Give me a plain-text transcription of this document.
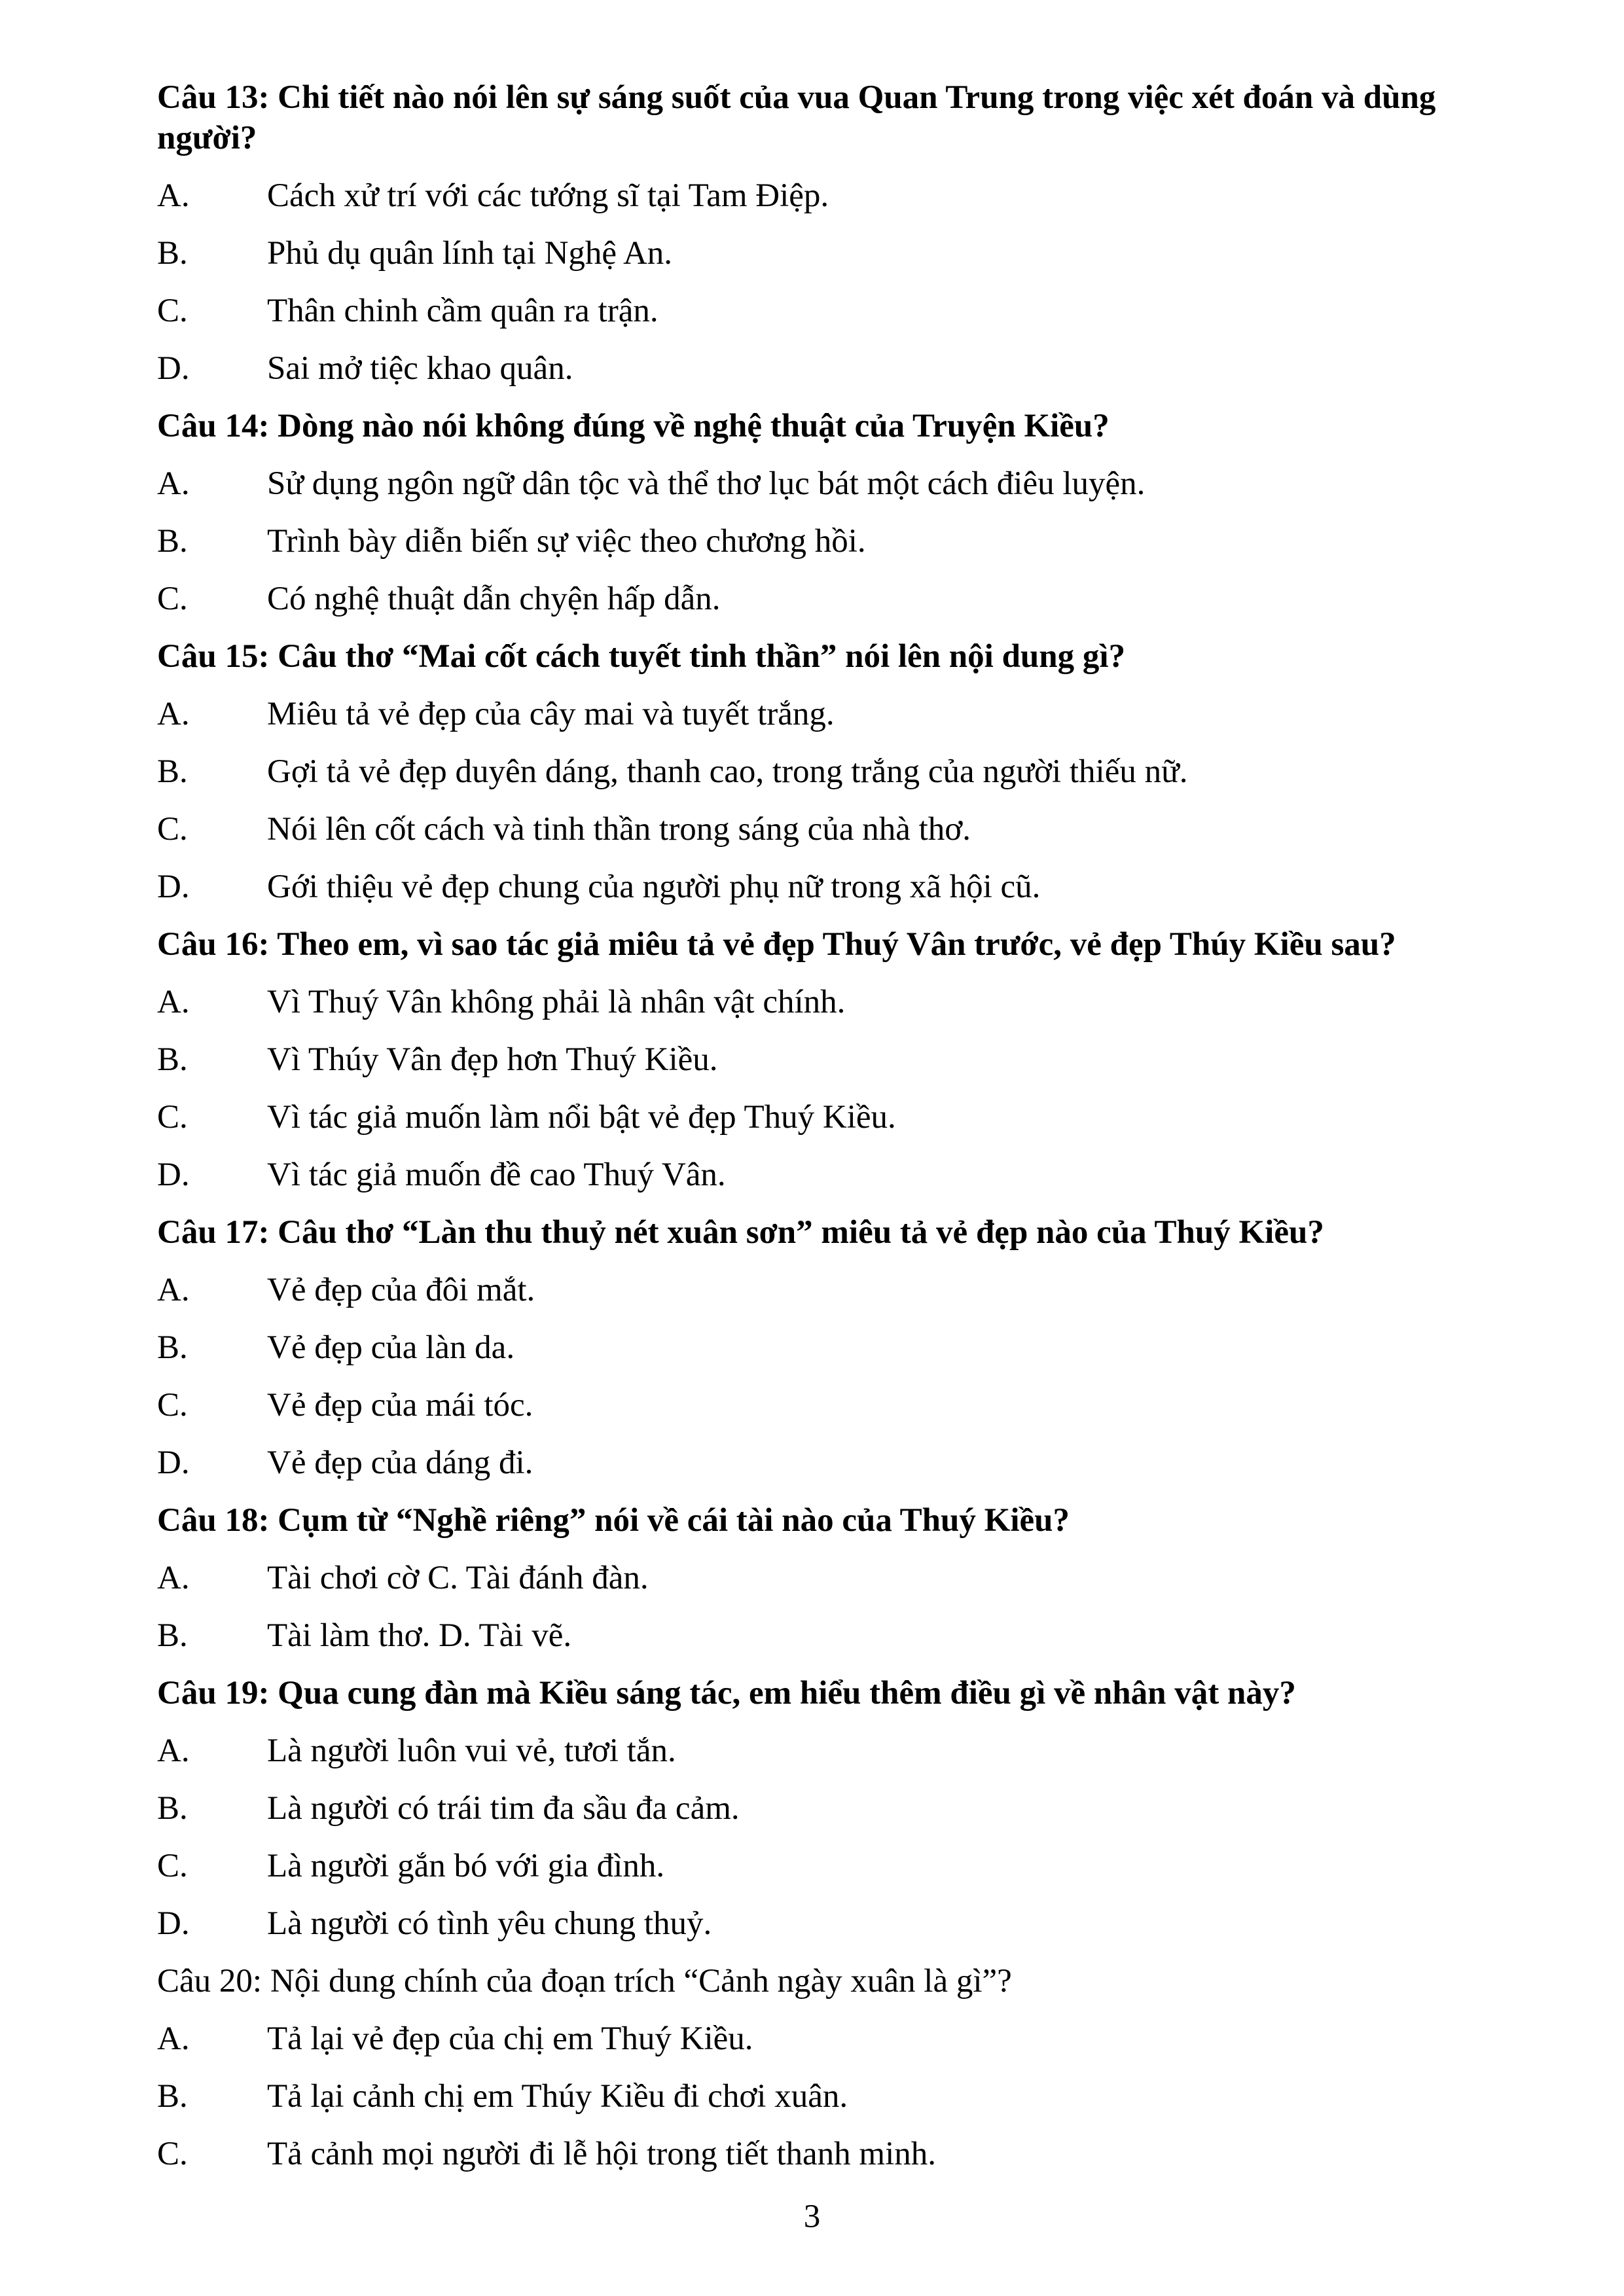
Câu 13: Chi tiết nào nói lên sự sáng suốt của vua Quan Trung trong việc xét đoán và dùng người?

A.	Cách xử trí với các tướng sĩ tại Tam Điệp.
B.	Phủ dụ quân lính tại Nghệ An.
C.	Thân chinh cầm quân ra trận.
D.	Sai mở tiệc khao quân.

Câu 14: Dòng nào nói không đúng về nghệ thuật của Truyện Kiều?

A.	Sử dụng ngôn ngữ dân tộc và thể thơ lục bát một cách điêu luyện.
B.	Trình bày diễn biến sự việc theo chương hồi.
C.	Có nghệ thuật dẫn chyện hấp dẫn.

Câu 15: Câu thơ “Mai cốt cách tuyết tinh thần” nói lên nội dung gì?

A.	Miêu tả vẻ đẹp của cây mai và tuyết trắng.
B.	Gợi tả vẻ đẹp duyên dáng, thanh cao, trong trắng của người thiếu nữ.
C.	Nói lên cốt cách và tinh thần trong sáng của nhà thơ.
D.	Gới thiệu vẻ đẹp chung của người phụ nữ trong xã hội cũ.

Câu 16: Theo em, vì sao tác giả miêu tả vẻ đẹp Thuý Vân trước, vẻ đẹp Thúy Kiều sau?

A.	Vì Thuý Vân không phải là nhân vật chính.
B.	Vì Thúy Vân đẹp hơn Thuý Kiều.
C.	Vì tác giả muốn làm nổi bật vẻ đẹp Thuý Kiều.
D.	Vì tác giả muốn đề cao Thuý Vân.

Câu 17: Câu thơ “Làn thu thuỷ nét xuân sơn” miêu tả vẻ đẹp nào của Thuý Kiều?

A.	Vẻ đẹp của đôi mắt.
B.	Vẻ đẹp của làn da.
C.	Vẻ đẹp của mái tóc.
D.	Vẻ đẹp của dáng đi.

Câu 18: Cụm từ “Nghề riêng” nói về cái tài nào của Thuý Kiều?

A.	Tài chơi cờ C. Tài đánh đàn.
B.	Tài làm thơ. D. Tài vẽ.

Câu 19: Qua cung đàn mà Kiều sáng tác, em hiểu thêm điều gì về nhân vật này?

A.	Là người luôn vui vẻ, tươi tắn.
B.	Là người có trái tim đa sầu đa cảm.
C.	Là người gắn bó với gia đình.
D.	Là người có tình yêu chung thuỷ.

Câu 20: Nội dung chính của đoạn trích “Cảnh ngày xuân là gì”?

A.	Tả lại vẻ đẹp của chị em Thuý Kiều.
B.	Tả lại cảnh chị em Thúy Kiều đi chơi xuân.
C.	Tả cảnh mọi người đi lễ hội trong tiết thanh minh.
3
